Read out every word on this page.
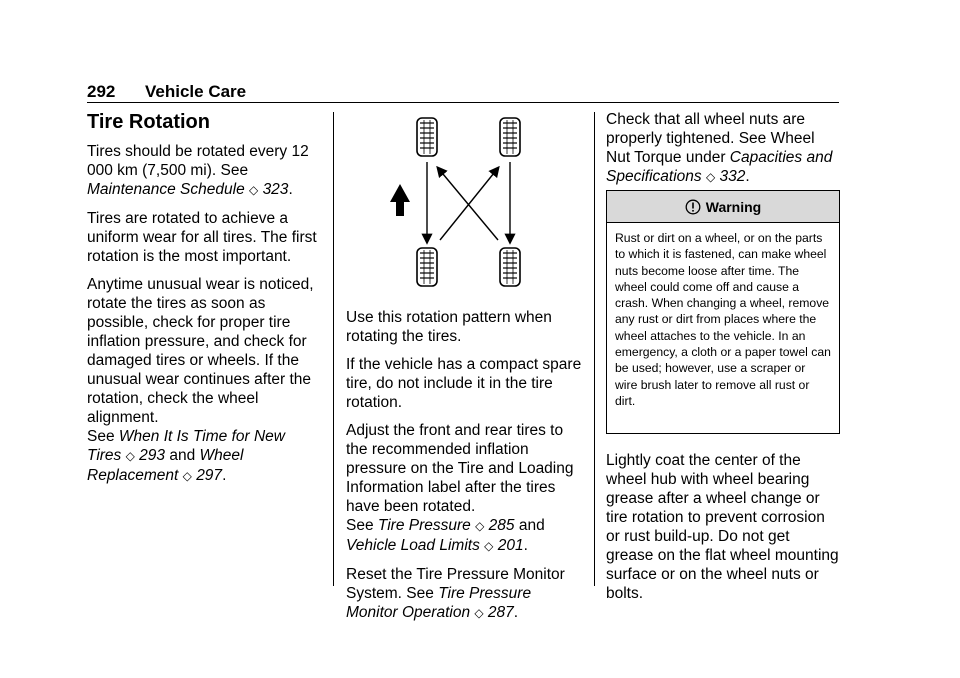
292 Vehicle Care
Tire Rotation

Tires should be rotated every 12 000 km (7,500 mi). See Maintenance Schedule ◇ 323.

Tires are rotated to achieve a uniform wear for all tires. The first rotation is the most important.

Anytime unusual wear is noticed, rotate the tires as soon as possible, check for proper tire inflation pressure, and check for damaged tires or wheels. If the unusual wear continues after the rotation, check the wheel alignment.
See When It Is Time for New Tires ◇ 293 and Wheel Replacement ◇ 297.

Use this rotation pattern when rotating the tires.

If the vehicle has a compact spare tire, do not include it in the tire rotation.

Adjust the front and rear tires to the recommended inflation pressure on the Tire and Loading Information label after the tires have been rotated.
See Tire Pressure ◇ 285 and
Vehicle Load Limits ◇ 201.

Reset the Tire Pressure Monitor System. See Tire Pressure Monitor Operation ◇ 287.

Check that all wheel nuts are properly tightened. See Wheel Nut Torque under Capacities and Specifications ◇ 332.

Warning
Rust or dirt on a wheel, or on the parts to which it is fastened, can make wheel nuts become loose after time. The wheel could come off and cause a crash. When changing a wheel, remove any rust or dirt from places where the wheel attaches to the vehicle. In an emergency, a cloth or a paper towel can be used; however, use a scraper or wire brush later to remove all rust or dirt.

Lightly coat the center of the wheel hub with wheel bearing grease after a wheel change or tire rotation to prevent corrosion or rust build-up. Do not get grease on the flat wheel mounting surface or on the wheel nuts or bolts.
